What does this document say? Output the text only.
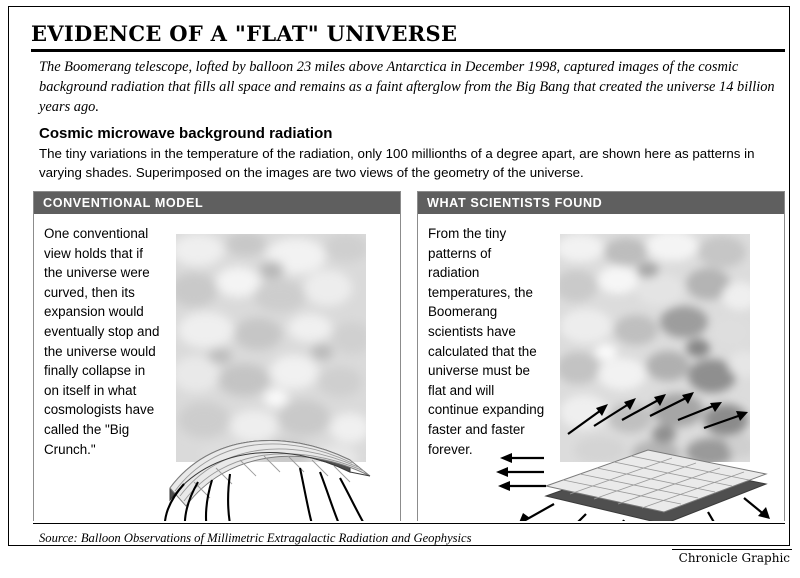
EVIDENCE OF A "FLAT" UNIVERSE
The Boomerang telescope, lofted by balloon 23 miles above Antarctica in December 1998, captured images of the cosmic background radiation that fills all space and remains as a faint afterglow from the Big Bang that created the universe 14 billion years ago.
Cosmic microwave background radiation
The tiny variations in the temperature of the radiation, only 100 millionths of a degree apart, are shown here as patterns in varying shades. Superimposed on the images are two views of the geometry of the universe.
CONVENTIONAL MODEL
One conventional view holds that if the universe were curved, then its expansion would eventually stop and the universe would finally collapse in on itself in what cosmologists have called the "Big Crunch."
WHAT SCIENTISTS FOUND
From the tiny patterns of radiation temperatures, the Boomerang scientists have calculated that the universe must be flat and will continue expanding faster and faster forever.
Source: Balloon Observations of Millimetric Extragalactic Radiation and Geophysics
Chronicle Graphic
